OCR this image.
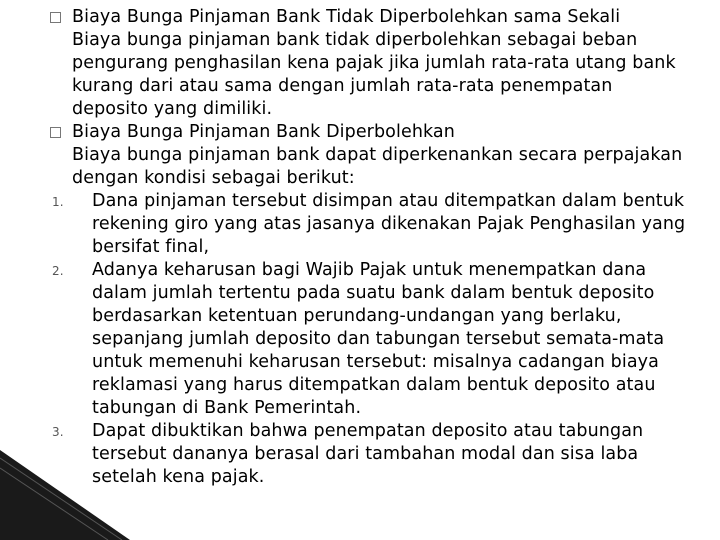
Biaya Bunga Pinjaman Bank Tidak Diperbolehkan sama Sekali
Biaya bunga pinjaman bank tidak diperbolehkan sebagai beban pengurang penghasilan kena pajak jika jumlah rata-rata utang bank kurang dari atau sama dengan jumlah rata-rata penempatan deposito yang dimiliki.
Biaya Bunga Pinjaman Bank Diperbolehkan
Biaya bunga pinjaman bank dapat diperkenankan secara perpajakan dengan kondisi sebagai berikut:
1. Dana pinjaman tersebut disimpan atau ditempatkan dalam bentuk rekening giro yang atas jasanya dikenakan Pajak Penghasilan yang bersifat final,
2. Adanya keharusan bagi Wajib Pajak untuk menempatkan dana dalam jumlah tertentu pada suatu bank dalam bentuk deposito berdasarkan ketentuan perundang-undangan yang berlaku, sepanjang jumlah deposito dan tabungan tersebut semata-mata untuk memenuhi keharusan tersebut: misalnya cadangan biaya reklamasi yang harus ditempatkan dalam bentuk deposito atau tabungan di Bank Pemerintah.
3. Dapat dibuktikan bahwa penempatan deposito atau tabungan tersebut dananya berasal dari tambahan modal dan sisa laba setelah kena pajak.
